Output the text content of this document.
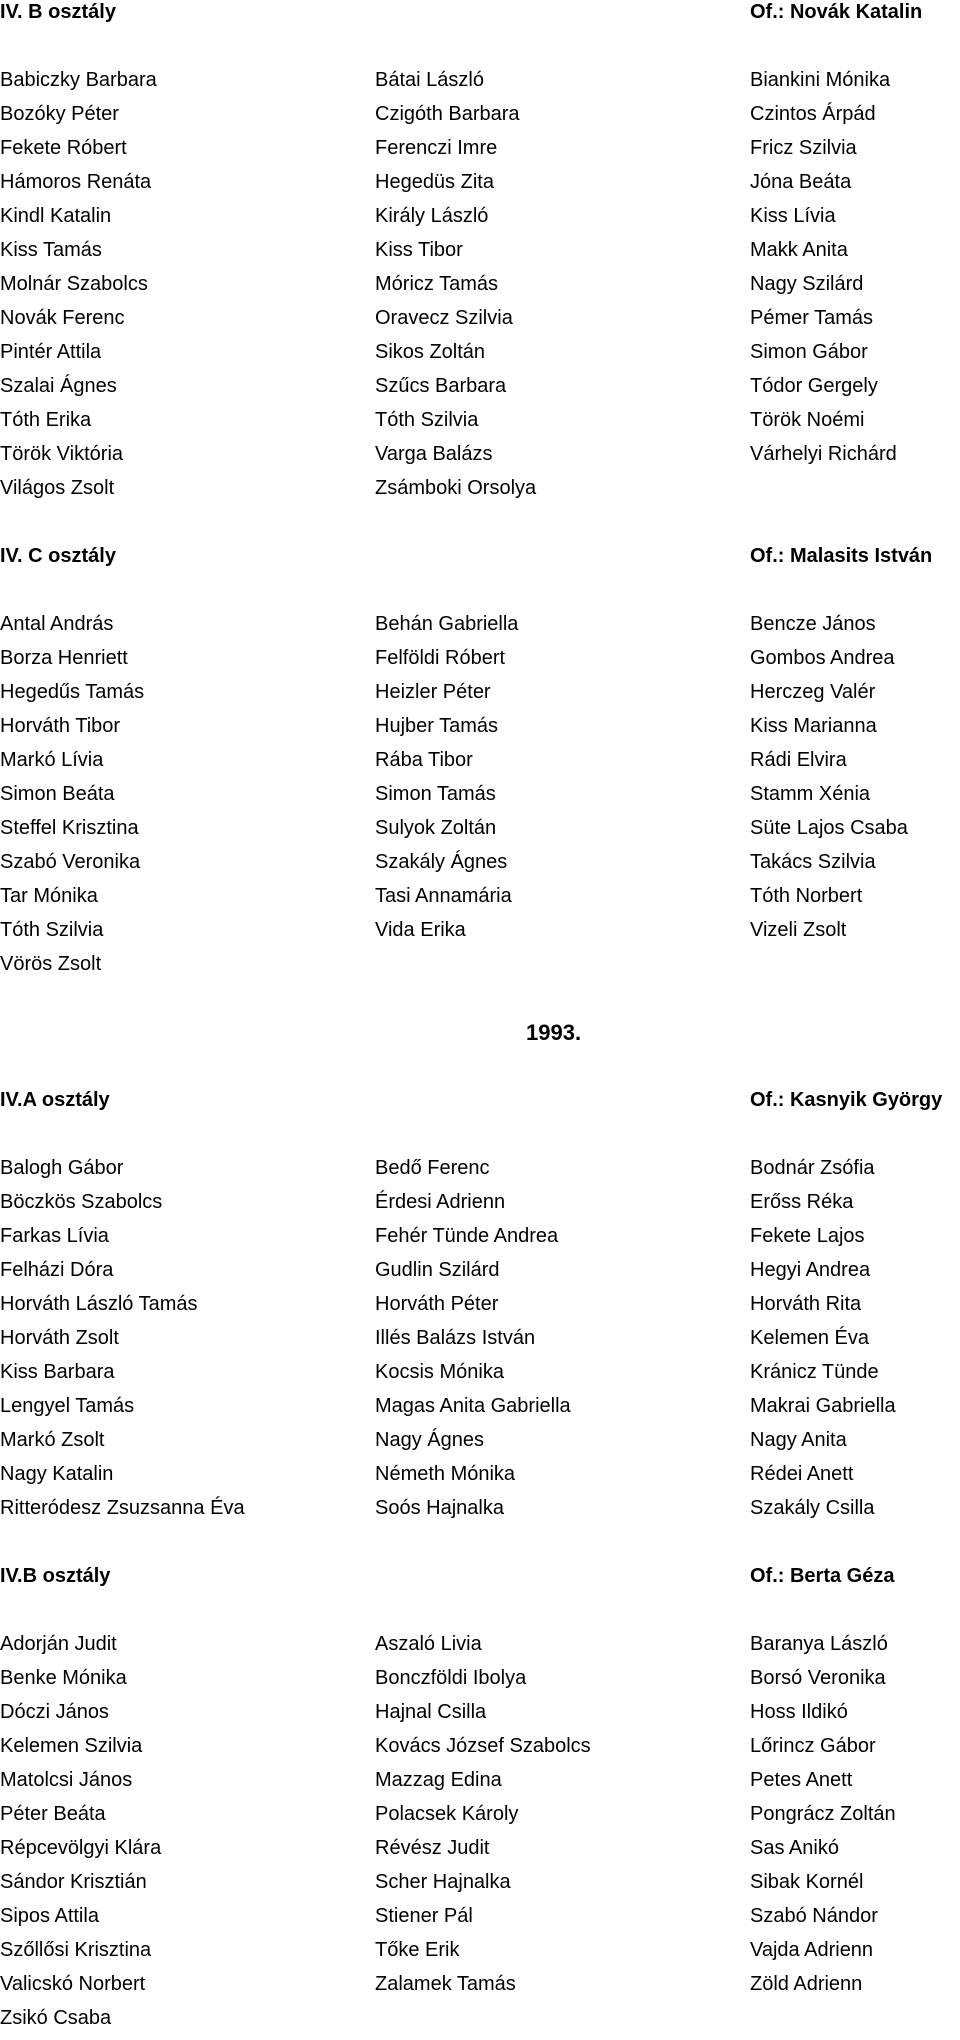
IV. B osztály	Of.: Novák Katalin
Babiczky Barbara	Bátai László	Biankini Mónika
Bozóky Péter	Czigóth Barbara	Czintos Árpád
Fekete Róbert	Ferenczi Imre	Fricz Szilvia
Hámoros Renáta	Hegedüs Zita	Jóna Beáta
Kindl Katalin	Király László	Kiss Lívia
Kiss Tamás	Kiss Tibor	Makk Anita
Molnár Szabolcs	Móricz Tamás	Nagy Szilárd
Novák Ferenc	Oravecz Szilvia	Pémer Tamás
Pintér Attila	Sikos Zoltán	Simon Gábor
Szalai Ágnes	Szűcs Barbara	Tódor Gergely
Tóth Erika	Tóth Szilvia	Török Noémi
Török Viktória	Varga Balázs	Várhelyi Richárd
Világos Zsolt	Zsámboki Orsolya
IV. C osztály	Of.: Malasits István
Antal András	Behán Gabriella	Bencze János
Borza Henriett	Felföldi Róbert	Gombos Andrea
Hegedűs Tamás	Heizler Péter	Herczeg Valér
Horváth Tibor	Hujber Tamás	Kiss Marianna
Markó Lívia	Rába Tibor	Rádi Elvira
Simon Beáta	Simon Tamás	Stamm Xénia
Steffel Krisztina	Sulyok Zoltán	Süte Lajos Csaba
Szabó Veronika	Szakály Ágnes	Takács Szilvia
Tar Mónika	Tasi Annamária	Tóth Norbert
Tóth Szilvia	Vida Erika	Vizeli Zsolt
Vörös Zsolt
1993.
IV.A osztály	Of.: Kasnyik György
Balogh Gábor	Bedő Ferenc	Bodnár Zsófia
Böczkös Szabolcs	Érdesi Adrienn	Erőss Réka
Farkas Lívia	Fehér Tünde Andrea	Fekete Lajos
Felházi Dóra	Gudlin Szilárd	Hegyi Andrea
Horváth László Tamás	Horváth Péter	Horváth Rita
Horváth Zsolt	Illés Balázs István	Kelemen Éva
Kiss Barbara	Kocsis Mónika	Kránicz Tünde
Lengyel Tamás	Magas Anita Gabriella	Makrai Gabriella
Markó Zsolt	Nagy Ágnes	Nagy Anita
Nagy Katalin	Németh Mónika	Rédei Anett
Ritteródesz Zsuzsanna Éva	Soós Hajnalka	Szakály Csilla
IV.B osztály	Of.: Berta Géza
Adorján Judit	Aszaló Livia	Baranya László
Benke Mónika	Bonczföldi Ibolya	Borsó Veronika
Dóczi János	Hajnal Csilla	Hoss Ildikó
Kelemen Szilvia	Kovács József Szabolcs	Lőrincz Gábor
Matolcsi János	Mazzag Edina	Petes Anett
Péter Beáta	Polacsek Károly	Pongrácz Zoltán
Répcevölgyi Klára	Révész Judit	Sas Anikó
Sándor Krisztián	Scher Hajnalka	Sibak Kornél
Sipos Attila	Stiener Pál	Szabó Nándor
Szőllősi Krisztina	Tőke Erik	Vajda Adrienn
Valicskó Norbert	Zalamek Tamás	Zöld Adrienn
Zsikó Csaba
